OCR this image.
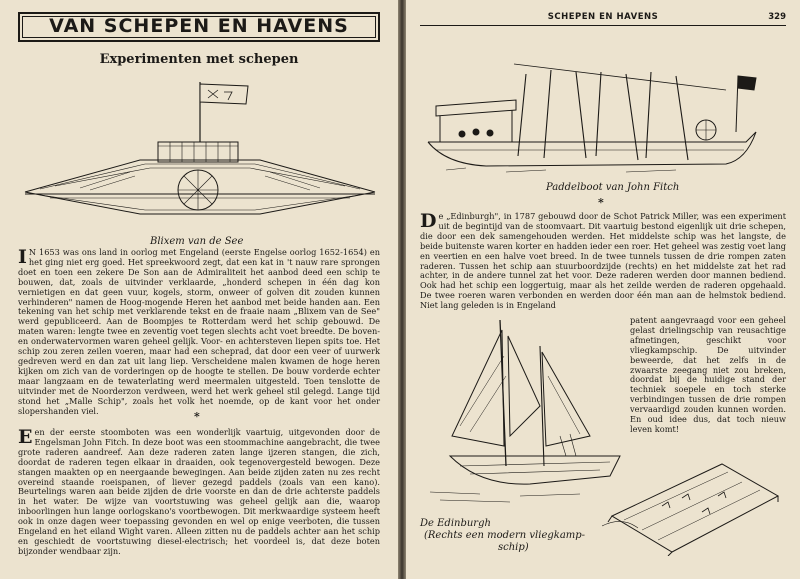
VAN SCHEPEN EN HAVENS
Experimenten met schepen
Blixem van de See
I N 1653 was ons land in oorlog met Engeland (eerste Engelse oorlog 1652-1654) en het ging niet erg goed. Het spreekwoord zegt, dat een kat in 't nauw rare sprongen doet en toen een zekere De Son aan de Admiraliteit het aanbod deed een schip te bouwen, dat, zoals de uitvinder verklaarde, „honderd schepen in één dag kon vernietigen en dat geen vuur, kogels, storm, onweer of golven dit zouden kunnen verhinderen" namen de Hoog-mogende Heren het aanbod met beide handen aan. Een tekening van het schip met verklarende tekst en de fraaie naam „Blixem van de See" werd gepubliceerd. Aan de Boompjes te Rotterdam werd het schip gebouwd. De maten waren: lengte twee en zeventig voet tegen slechts acht voet breedte. De boven- en onderwatervormen waren geheel gelijk. Voor- en achtersteven liepen spits toe. Het schip zou zeren zeilen voeren, maar had een scheprad, dat door een veer of uurwerk gedreven werd en dan zat uit lang liep. Verscheidene malen kwamen de hoge heren kijken om zich van de vorderingen op de hoogte te stellen. De bouw vorderde echter maar langzaam en de tewaterlating werd meermalen uitgesteld. Toen tenslotte de uitvinder met de Noorderzon verdween, werd het werk geheel stil gelegd. Lange tijd stond het „Malle Schip", zoals het volk het noemde, op de kant voor het onder slopershanden viel.	*
Een der eerste stoomboten was een wonderlijk vaartuig, uitgevonden door de Engelsman John Fitch. In deze boot was een stoommachine aangebracht, die twee grote raderen aandreef. Aan deze raderen zaten lange ijzeren stangen, die zich, doordat de raderen tegen elkaar in draaiden, ook tegenovergesteld bewogen. Deze stangen maakten op en neergaande bewegingen. Aan beide zijden zaten nu zes recht overeind staande roeispanen, of liever gezegd paddels (zoals van een kano). Beurtelings waren aan beide zijden de drie voorste en dan de drie achterste paddels in het water. De wijze van voortstuwing was geheel gelijk aan die, waarop inboorlingen hun lange oorlogskano's voortbewogen. Dit merkwaardige systeem heeft ook in onze dagen weer toepassing gevonden en wel op enige veerboten, die tussen Engeland en het eiland Wight varen. Alleen zitten nu de paddels achter aan het schip en geschiedt de voortstuwing diesel-electrisch; het voordeel is, dat deze boten bijzonder wendbaar zijn.
SCHEPEN EN HAVENS	329
Paddelboot van John Fitch
*
De „Edinburgh", in 1787 gebouwd door de Schot Patrick Miller, was een experiment uit de begintijd van de stoomvaart. Dit vaartuig bestond eigenlijk uit drie schepen, die door een dek samengehouden werden. Het middelste schip was het langste, de beide buitenste waren korter en hadden ieder een roer. Het geheel was zestig voet lang en veertien en een halve voet breed. In de twee tunnels tussen de drie rompen zaten raderen. Tussen het schip aan stuurboordzijde (rechts) en het middelste zat het rad achter, in de andere tunnel zat het voor. Deze raderen werden door mannen bediend. Ook had het schip een loggertuig, maar als het zeilde werden de raderen opgehaald. De twee roeren waren verbonden en werden door één man aan de helmstok bediend. Niet lang geleden is in Engeland
patent aangevraagd voor een geheel gelast drielingschip van reusachtige afmetingen, geschikt voor vliegkampschip. De uitvinder beweerde, dat het zelfs in de zwaarste zeegang niet zou breken, doordat bij de huidige stand der techniek soepele en toch sterke verbindingen tussen de drie rompen vervaardigd zouden kunnen worden. En oud idee dus, dat toch nieuw leven komt!
De Edinburgh
(Rechts een modern vliegkamp-
schip)
